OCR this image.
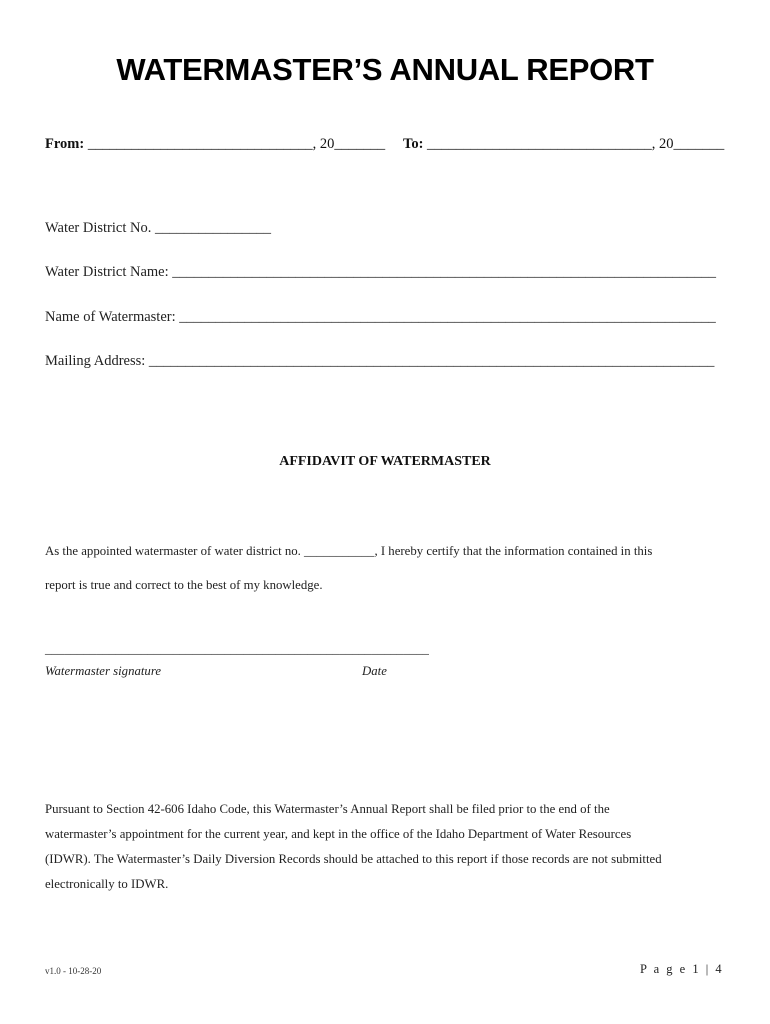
WATERMASTER’S ANNUAL REPORT
From: _______________________________, 20_______ To: _______________________________, 20_______
Water District No. ________________
Water District Name: ___________________________________________________________________________
Name of Watermaster: __________________________________________________________________________
Mailing Address: ______________________________________________________________________________
AFFIDAVIT OF WATERMASTER
As the appointed watermaster of water district no. ___________, I hereby certify that the information contained in this
report is true and correct to the best of my knowledge.
____________________________________________________________
Watermaster signature	Date
Pursuant to Section 42-606 Idaho Code, this Watermaster’s Annual Report shall be filed prior to the end of the
watermaster’s appointment for the current year, and kept in the office of the Idaho Department of Water Resources
(IDWR). The Watermaster’s Daily Diversion Records should be attached to this report if those records are not submitted
electronically to IDWR.
v1.0 - 10-28-20	P a g e 1 | 4
